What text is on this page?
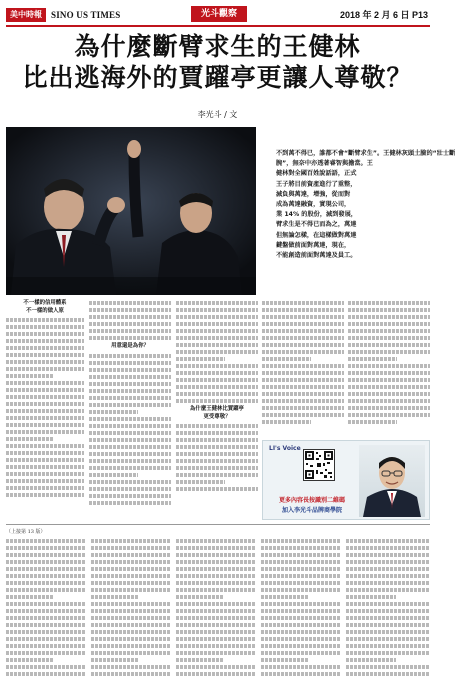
美中時報	SINO US TIMES	光斗觀察	2018 年 2 月 6 日 P13
為什麼斷臂求生的王健林
比出逃海外的賈躍亭更讓人尊敬？
李光斗 / 文
不到萬不得已，誰都不會“斷臂求生”。王健林灰頭土臉的“壯士斷
腕”，無奈中亦透著睿智與擔當。王
健林對全國百姓說話語，正式
王子將目前資產進行了重整，
減負與萬達，增強，從而對
成為萬達融資，實現公司，
業 14% 的股份，減到發展，
臂求生是不得已而為之，萬達
但無論怎樣，在這樣做對萬達
鍵盤做前面對萬達，現在，
不能創造前面對萬達及員工。
不一樣的信用體系
不一樣的做人原
用意還是為你？
為什麼王健林比賈躍亭
更受尊敬？
LI's Voice
更多內容長按識別二維碼
加入李光斗品牌商學院
（上接第 13 版）
